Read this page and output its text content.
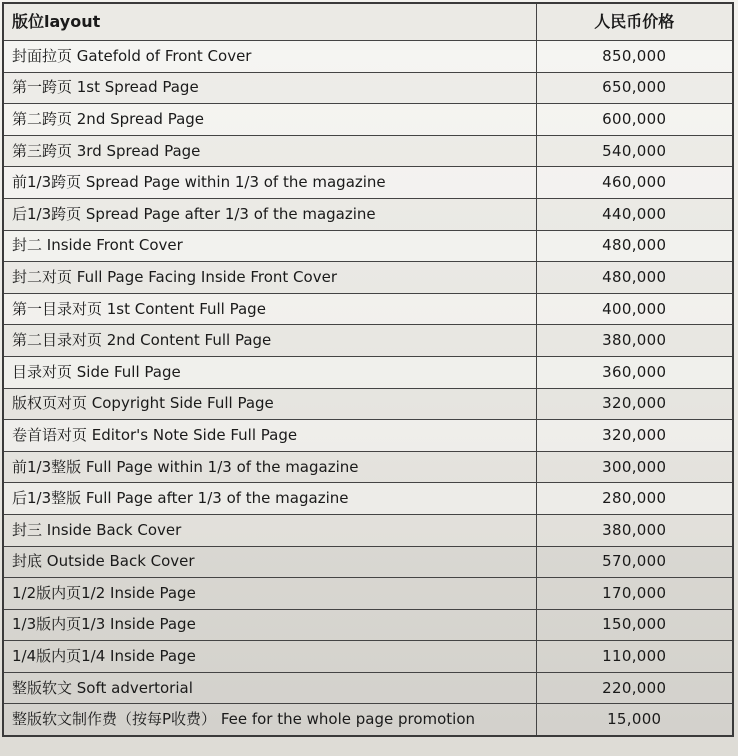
版位layout	人民币价格
封面拉页 Gatefold of Front Cover	850,000
第一跨页 1st Spread Page	650,000
第二跨页 2nd Spread Page	600,000
第三跨页 3rd Spread Page	540,000
前1/3跨页 Spread Page within 1/3 of the magazine	460,000
后1/3跨页 Spread Page after 1/3 of the magazine	440,000
封二 Inside Front Cover	480,000
封二对页 Full Page Facing Inside Front Cover	480,000
第一目录对页 1st Content Full Page	400,000
第二目录对页 2nd Content Full Page	380,000
目录对页 Side Full Page	360,000
版权页对页 Copyright Side Full Page	320,000
卷首语对页 Editor's Note Side Full Page	320,000
前1/3整版 Full Page within 1/3 of the magazine	300,000
后1/3整版 Full Page after 1/3 of the magazine	280,000
封三 Inside Back Cover	380,000
封底 Outside Back Cover	570,000
1/2版内页1/2 Inside Page	170,000
1/3版内页1/3 Inside Page	150,000
1/4版内页1/4 Inside Page	110,000
整版软文 Soft advertorial	220,000
整版软文制作费（按每P收费） Fee for the whole page promotion	15,000
